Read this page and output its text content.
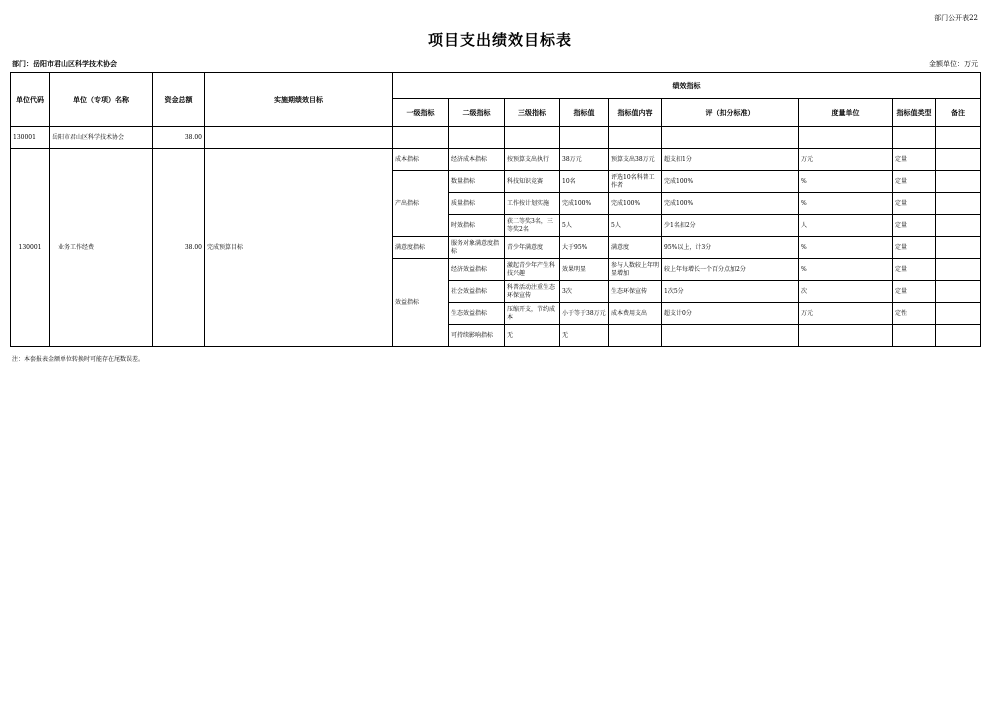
部门公开表22
项目支出绩效目标表
部门：岳阳市君山区科学技术协会	金额单位：万元
单位代码	单位（专项）名称	资金总额	实施期绩效目标	绩效指标								
				一级指标	二级指标	三级指标	指标值	指标值内容	评（扣分标准）	度量单位	指标值类型	备注
130001	岳阳市君山区科学技术协会	38.00										
130001	业务工作经费	38.00	完成预算目标	成本指标	经济成本指标	按预算支出执行	38万元	预算支出38万元	超支扣1分	万元	定量	
				产出指标	数量指标	科技知识竞赛	10名	评选10名科普工作者	完成100%	%	定量	
					质量指标	工作按计划实施	完成100%	完成100%	完成100%	%	定量	
					时效指标	获二等奖3名，三等奖2名	5人	5人	少1名扣2分	人	定量	
				满意度指标	服务对象满意度指标	青少年满意度	大于95%	满意度	95%以上，计3分	%	定量	
				效益指标	经济效益指标	激起青少年产生科技兴趣	效果明显	参与人数较上年明显增加	较上年每增长一个百分点加2分	%	定量	
					社会效益指标	科普活动注重生态环保宣传	3次	生态环保宣传	1次5分	次	定量	
					生态效益指标	压缩开支，节约成本	小于等于38万元	成本费用支出	超支计0分	万元	定性	
					可持续影响指标	无	无					
注：本套报表金额单位转换时可能存在尾数误差。
